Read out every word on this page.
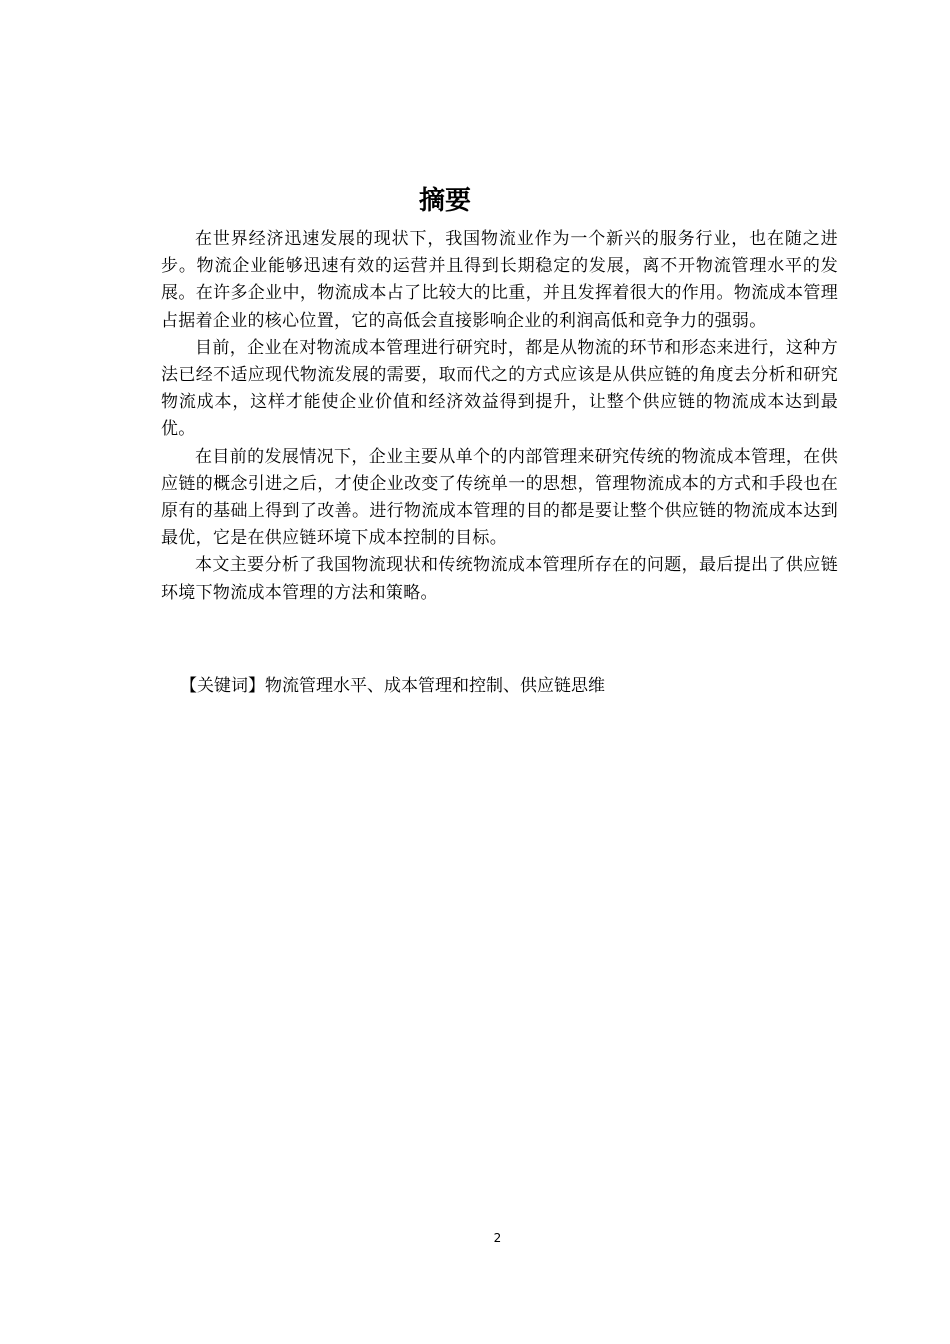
摘要

在世界经济迅速发展的现状下，我国物流业作为一个新兴的服务行业，也在随之进步。物流企业能够迅速有效的运营并且得到长期稳定的发展，离不开物流管理水平的发展。在许多企业中，物流成本占了比较大的比重，并且发挥着很大的作用。物流成本管理占据着企业的核心位置，它的高低会直接影响企业的利润高低和竞争力的强弱。

目前，企业在对物流成本管理进行研究时，都是从物流的环节和形态来进行，这种方法已经不适应现代物流发展的需要，取而代之的方式应该是从供应链的角度去分析和研究物流成本，这样才能使企业价值和经济效益得到提升，让整个供应链的物流成本达到最优。

在目前的发展情况下，企业主要从单个的内部管理来研究传统的物流成本管理，在供应链的概念引进之后，才使企业改变了传统单一的思想，管理物流成本的方式和手段也在原有的基础上得到了改善。进行物流成本管理的目的都是要让整个供应链的物流成本达到最优，它是在供应链环境下成本控制的目标。

本文主要分析了我国物流现状和传统物流成本管理所存在的问题，最后提出了供应链环境下物流成本管理的方法和策略。

【关键词】物流管理水平、成本管理和控制、供应链思维

2
